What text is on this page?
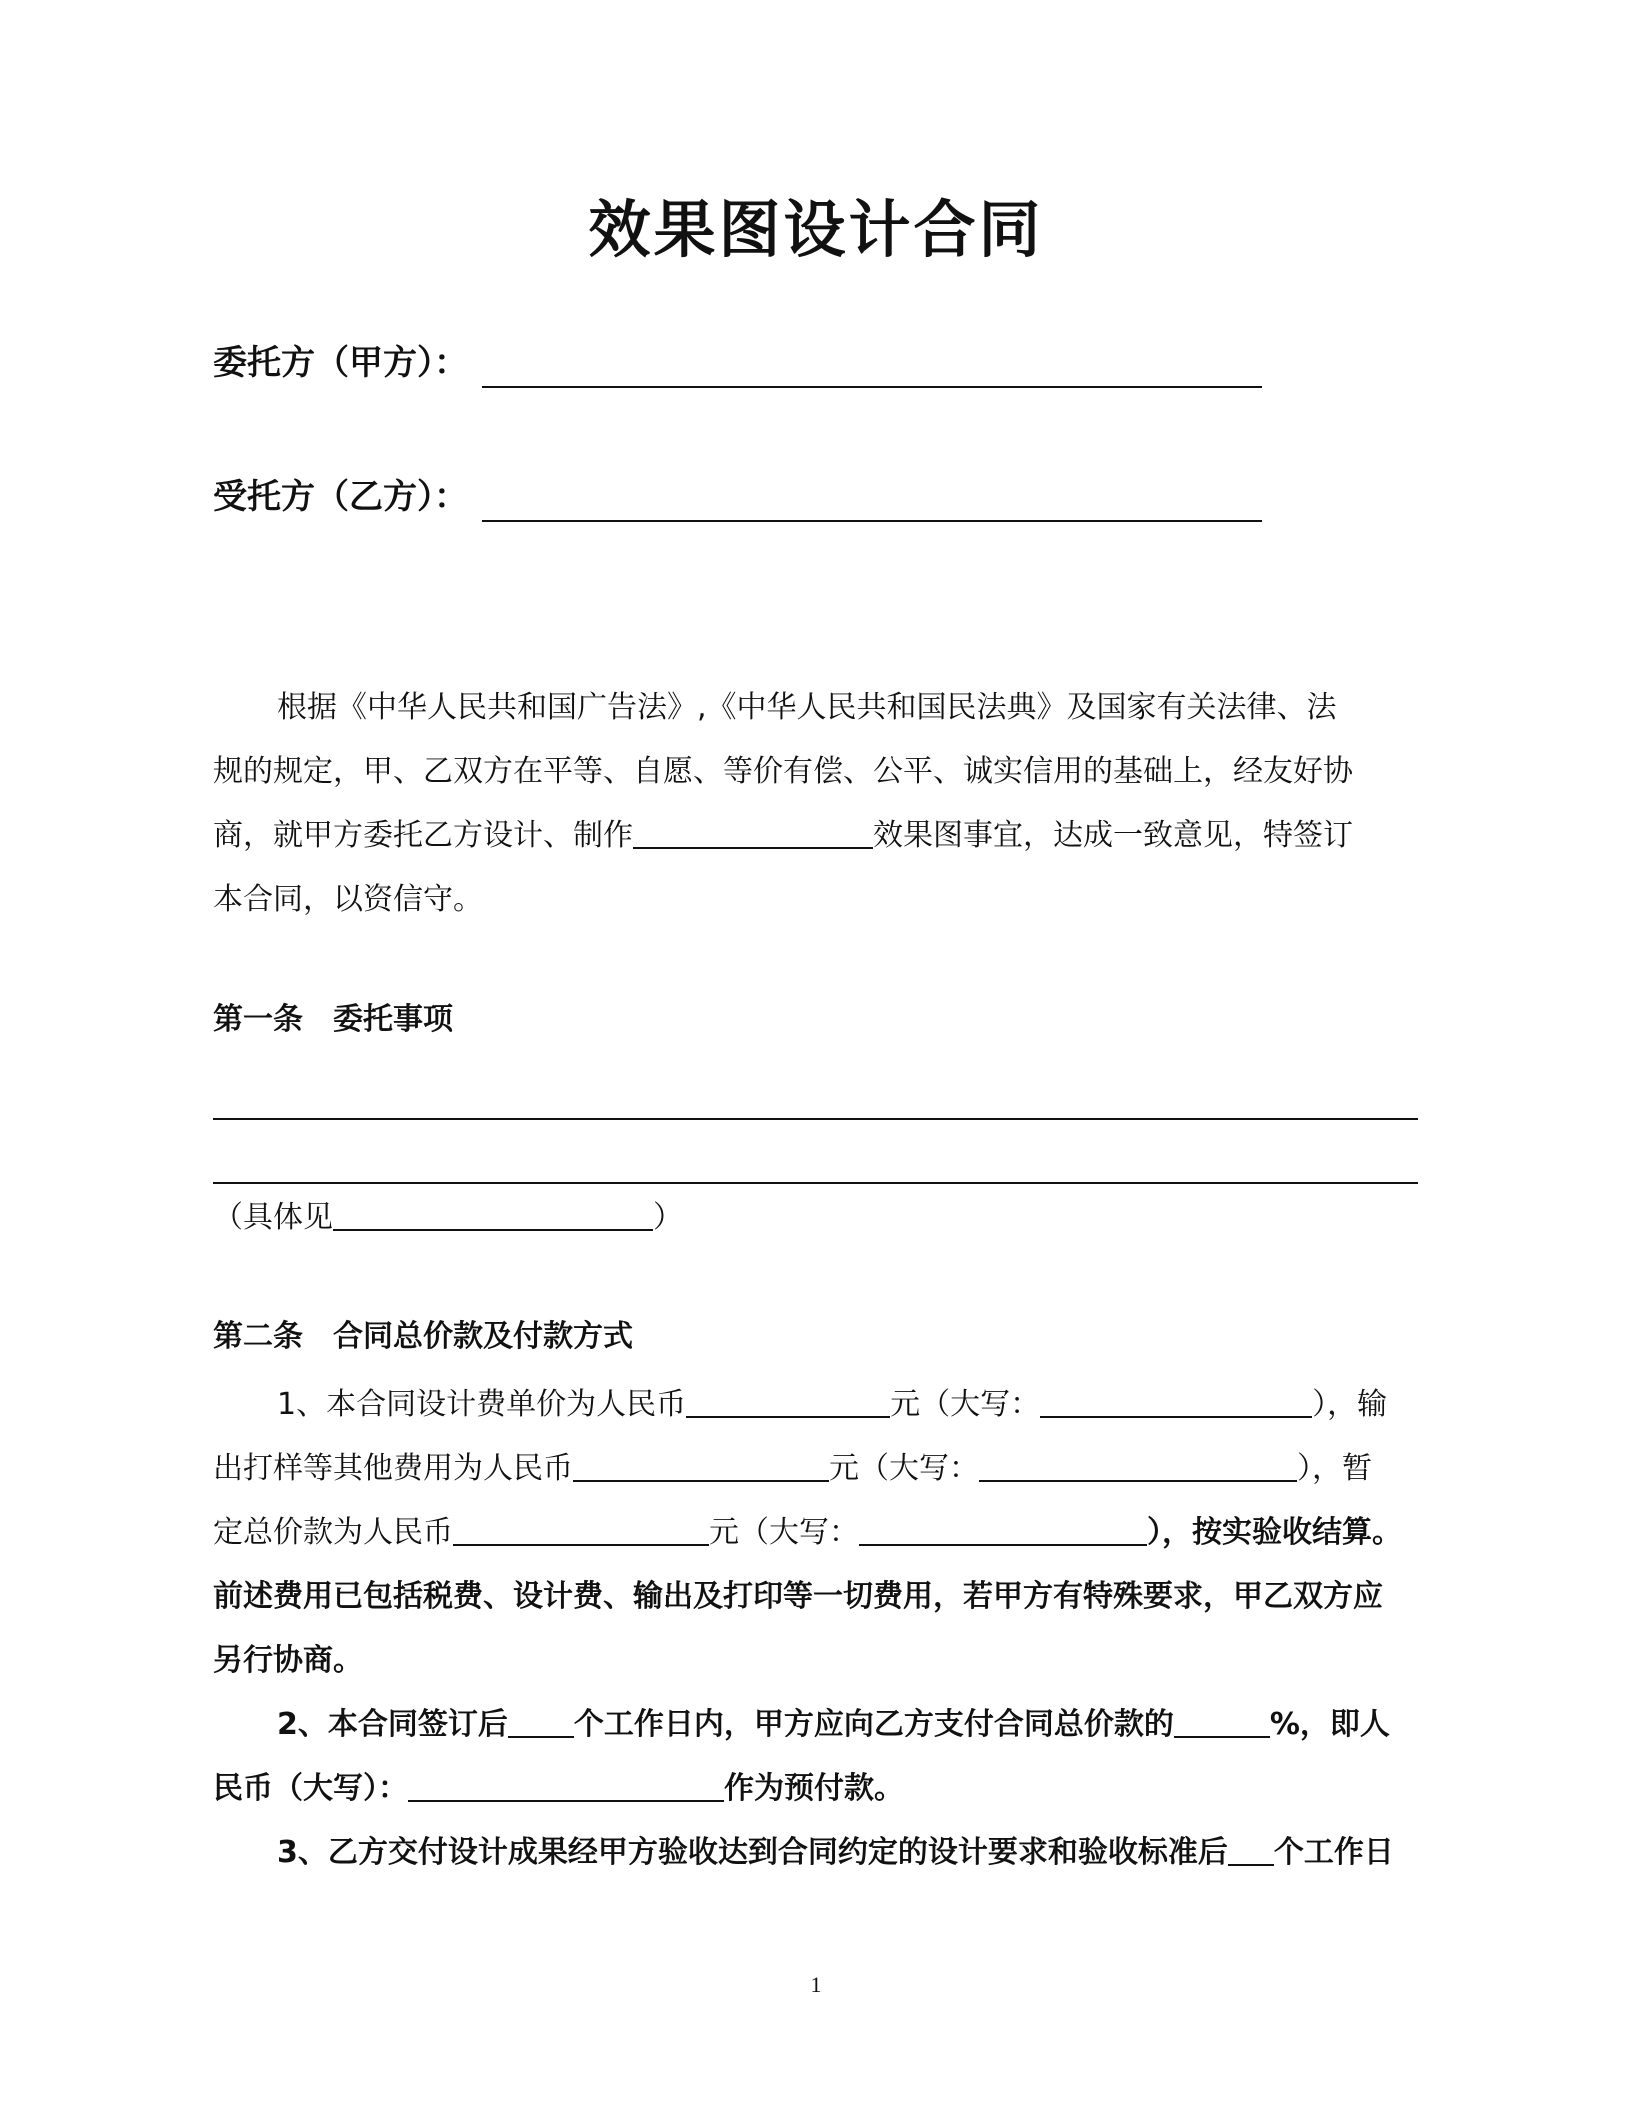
效果图设计合同
委托方（甲方）：
受托方（乙方）：
根据《中华人民共和国广告法》,《中华人民共和国民法典》及国家有关法律、法
规的规定，甲、乙双方在平等、自愿、等价有偿、公平、诚实信用的基础上，经友好协
商，就甲方委托乙方设计、制作	效果图事宜，达成一致意见，特签订
本合同，以资信守。
第一条　委托事项
（具体见	）
第二条　合同总价款及付款方式
1、本合同设计费单价为人民币	元（大写：	），输
出打样等其他费用为人民币	元（大写：	），暂
定总价款为人民币	元（大写：	），按实验收结算。
前述费用已包括税费、设计费、输出及打印等一切费用，若甲方有特殊要求，甲乙双方应
另行协商。
2、本合同签订后 个工作日内，甲方应向乙方支付合同总价款的	%，即人
民币（大写）：	作为预付款。
3、乙方交付设计成果经甲方验收达到合同约定的设计要求和验收标准后 个工作日
1
